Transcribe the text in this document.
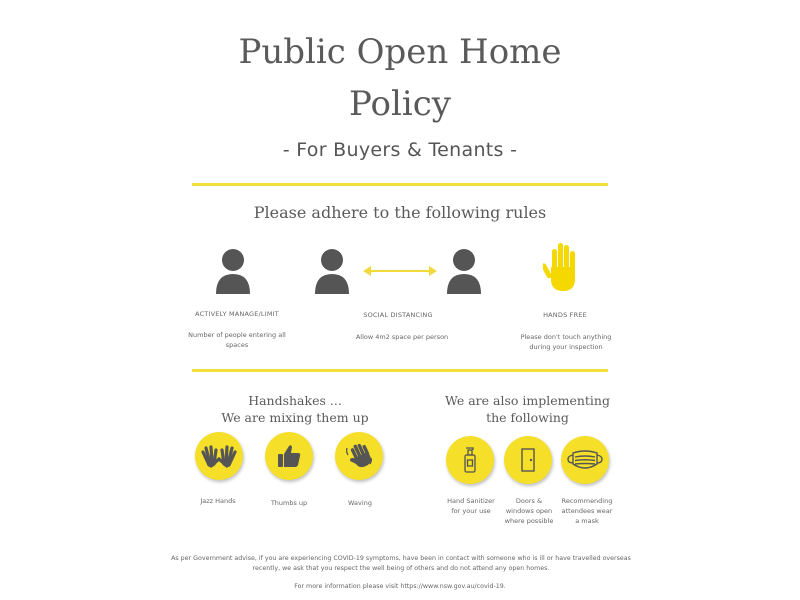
Public Open Home
Policy
- For Buyers & Tenants -
Please adhere to the following rules
ACTIVELY MANAGE/LIMIT
Number of people entering all spaces
SOCIAL DISTANCING
Allow 4m2 space per person
HANDS FREE
Please don't touch anything during your inspection
Handshakes ...
We are mixing them up
Jazz Hands	Thumbs up	Waving
We are also implementing
the following
Hand Sanitizer for your use
Doors & windows open where possible
Recommending attendees wear a mask
As per Government advise, if you are experiencing COVID-19 symptoms, have been in contact with someone who is ill or have travelled overseas recently, we ask that you respect the well being of others and do not attend any open homes.
For more information please visit https://www.nsw.gov.au/covid-19.
